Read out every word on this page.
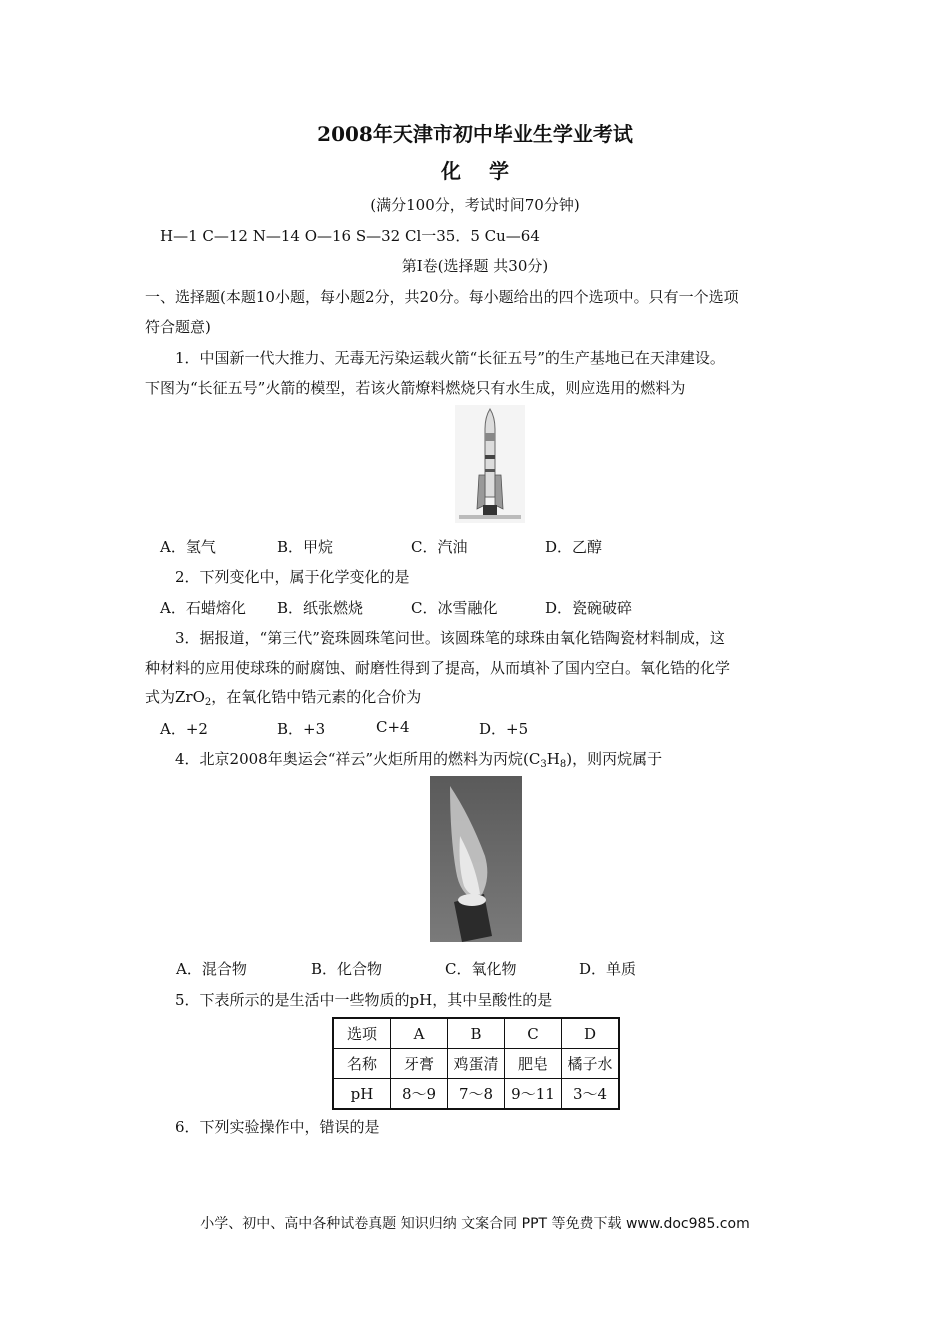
2008年天津市初中毕业生学业考试
化学
(满分100分，考试时间70分钟)
H—1 C—12 N—14 O—16 S—32 Cl一35．5 Cu—64
第Ⅰ卷(选择题 共30分)
一、选择题(本题10小题，每小题2分，共20分。每小题给出的四个选项中。只有一个选项
符合题意)
1．中国新一代大推力、无毒无污染运载火箭“长征五号”的生产基地已在天津建设。
下图为“长征五号”火箭的模型，若该火箭燎料燃烧只有水生成，则应选用的燃料为
A．氢气	B．甲烷	C．汽油	D．乙醇
2．下列变化中，属于化学变化的是
A．石蜡熔化 B．纸张燃烧	C．冰雪融化	D．瓷碗破碎
3．据报道，“第三代”瓷珠圆珠笔问世。该圆珠笔的球珠由氧化锆陶瓷材料制成，这
种材料的应用使球珠的耐腐蚀、耐磨性得到了提高，从而填补了国内空白。氧化锆的化学
式为ZrO$_2$，在氧化锆中锆元素的化合价为
A．+2	B．+3	C+4	D．+5
4．北京2008年奥运会“祥云”火炬所用的燃料为丙烷$(C_3H_8)$，则丙烷属于
A．混合物	B．化合物	C．氧化物	D．单质
5．下表所示的是生活中一些物质的pH，其中呈酸性的是
选项	A	B	C	D
名称	牙膏	鸡蛋清	肥皂	橘子水
pH	8～9	7～8	9～11	3～4
6．下列实验操作中，错误的是
小学、初中、高中各种试卷真题 知识归纳 文案合同 PPT 等免费下载 www.doc985.com
